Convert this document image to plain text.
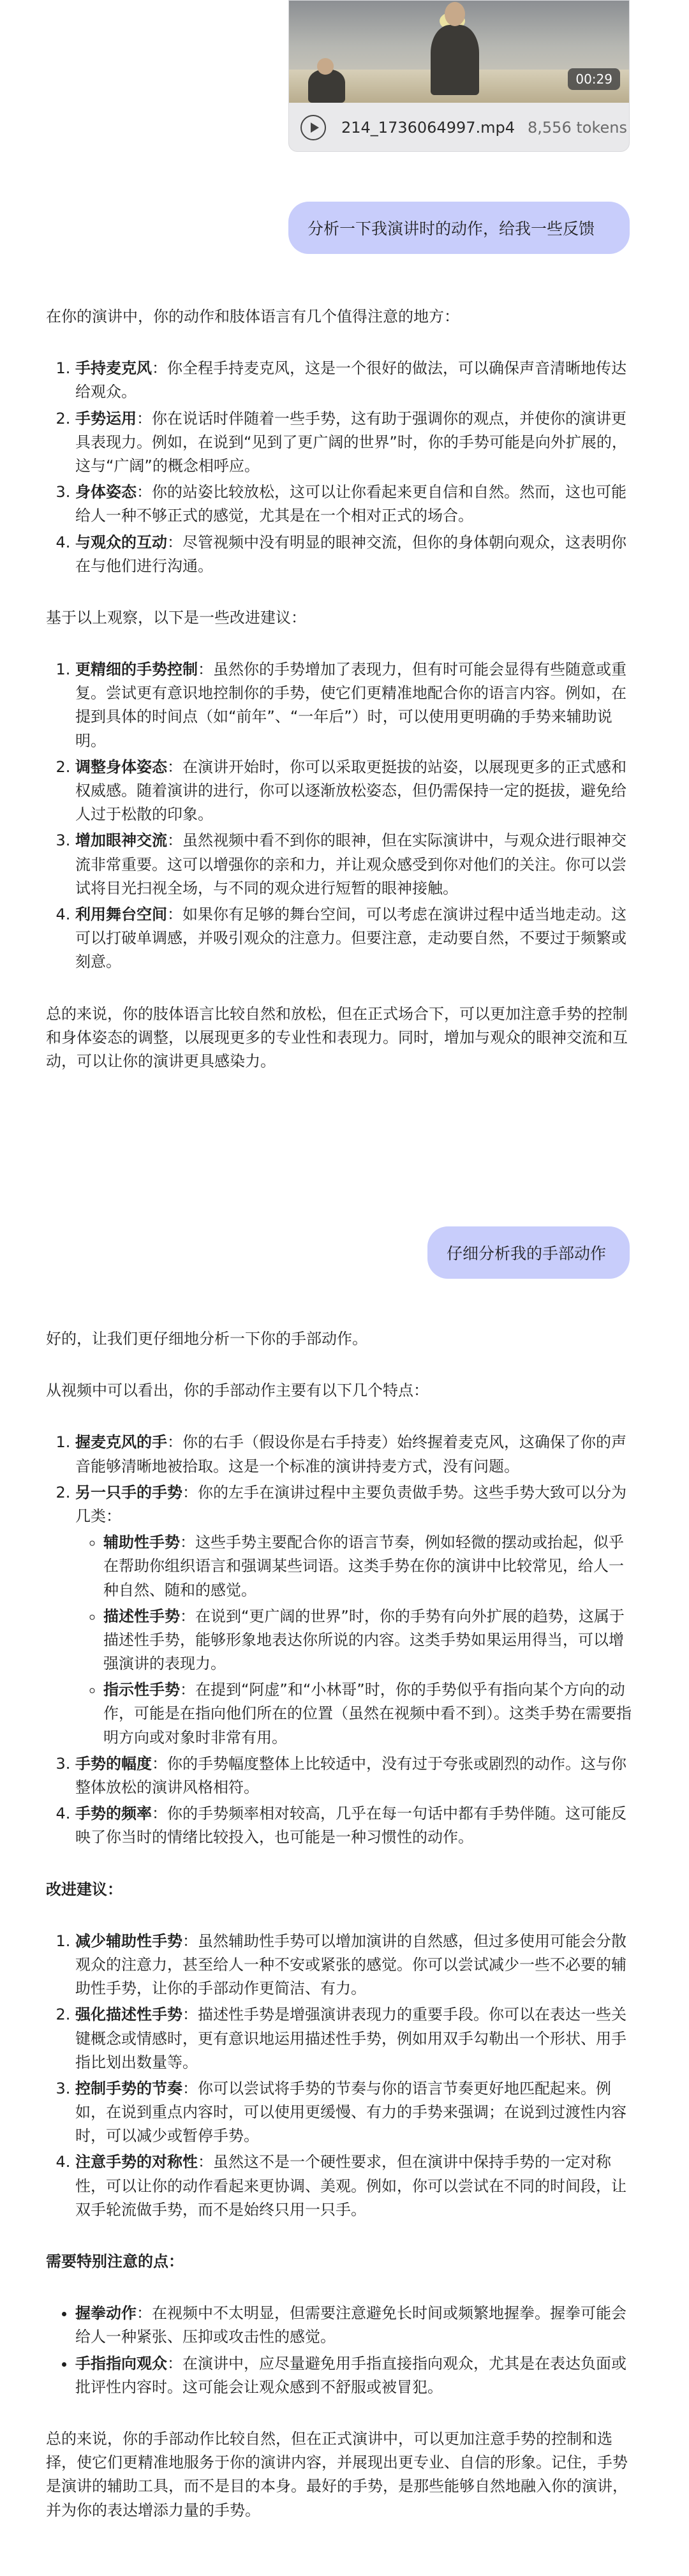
00:29
214_1736064997.mp4 8,556 tokens
分析一下我演讲时的动作，给我一些反馈

在你的演讲中，你的动作和肢体语言有几个值得注意的地方：

1. 手持麦克风：你全程手持麦克风，这是一个很好的做法，可以确保声音清晰地传达给观众。
2. 手势运用：你在说话时伴随着一些手势，这有助于强调你的观点，并使你的演讲更具表现力。例如，在说到“见到了更广阔的世界”时，你的手势可能是向外扩展的，这与“广阔”的概念相呼应。
3. 身体姿态：你的站姿比较放松，这可以让你看起来更自信和自然。然而，这也可能给人一种不够正式的感觉，尤其是在一个相对正式的场合。
4. 与观众的互动：尽管视频中没有明显的眼神交流，但你的身体朝向观众，这表明你在与他们进行沟通。

基于以上观察，以下是一些改进建议：

1. 更精细的手势控制：虽然你的手势增加了表现力，但有时可能会显得有些随意或重复。尝试更有意识地控制你的手势，使它们更精准地配合你的语言内容。例如，在提到具体的时间点（如“前年”、“一年后”）时，可以使用更明确的手势来辅助说明。
2. 调整身体姿态：在演讲开始时，你可以采取更挺拔的站姿，以展现更多的正式感和权威感。随着演讲的进行，你可以逐渐放松姿态，但仍需保持一定的挺拔，避免给人过于松散的印象。
3. 增加眼神交流：虽然视频中看不到你的眼神，但在实际演讲中，与观众进行眼神交流非常重要。这可以增强你的亲和力，并让观众感受到你对他们的关注。你可以尝试将目光扫视全场，与不同的观众进行短暂的眼神接触。
4. 利用舞台空间：如果你有足够的舞台空间，可以考虑在演讲过程中适当地走动。这可以打破单调感，并吸引观众的注意力。但要注意，走动要自然，不要过于频繁或刻意。

总的来说，你的肢体语言比较自然和放松，但在正式场合下，可以更加注意手势的控制和身体姿态的调整，以展现更多的专业性和表现力。同时，增加与观众的眼神交流和互动，可以让你的演讲更具感染力。

仔细分析我的手部动作

好的，让我们更仔细地分析一下你的手部动作。

从视频中可以看出，你的手部动作主要有以下几个特点：

1. 握麦克风的手：你的右手（假设你是右手持麦）始终握着麦克风，这确保了你的声音能够清晰地被拾取。这是一个标准的演讲持麦方式，没有问题。
2. 另一只手的手势：你的左手在演讲过程中主要负责做手势。这些手势大致可以分为几类：
◦ 辅助性手势：这些手势主要配合你的语言节奏，例如轻微的摆动或抬起，似乎在帮助你组织语言和强调某些词语。这类手势在你的演讲中比较常见，给人一种自然、随和的感觉。
◦ 描述性手势：在说到“更广阔的世界”时，你的手势有向外扩展的趋势，这属于描述性手势，能够形象地表达你所说的内容。这类手势如果运用得当，可以增强演讲的表现力。
◦ 指示性手势：在提到“阿虚”和“小林哥”时，你的手势似乎有指向某个方向的动作，可能是在指向他们所在的位置（虽然在视频中看不到）。这类手势在需要指明方向或对象时非常有用。
3. 手势的幅度：你的手势幅度整体上比较适中，没有过于夸张或剧烈的动作。这与你整体放松的演讲风格相符。
4. 手势的频率：你的手势频率相对较高，几乎在每一句话中都有手势伴随。这可能反映了你当时的情绪比较投入，也可能是一种习惯性的动作。

改进建议：

1. 减少辅助性手势：虽然辅助性手势可以增加演讲的自然感，但过多使用可能会分散观众的注意力，甚至给人一种不安或紧张的感觉。你可以尝试减少一些不必要的辅助性手势，让你的手部动作更简洁、有力。
2. 强化描述性手势：描述性手势是增强演讲表现力的重要手段。你可以在表达一些关键概念或情感时，更有意识地运用描述性手势，例如用双手勾勒出一个形状、用手指比划出数量等。
3. 控制手势的节奏：你可以尝试将手势的节奏与你的语言节奏更好地匹配起来。例如，在说到重点内容时，可以使用更缓慢、有力的手势来强调；在说到过渡性内容时，可以减少或暂停手势。
4. 注意手势的对称性：虽然这不是一个硬性要求，但在演讲中保持手势的一定对称性，可以让你的动作看起来更协调、美观。例如，你可以尝试在不同的时间段，让双手轮流做手势，而不是始终只用一只手。

需要特别注意的点：

• 握拳动作：在视频中不太明显，但需要注意避免长时间或频繁地握拳。握拳可能会给人一种紧张、压抑或攻击性的感觉。
• 手指指向观众：在演讲中，应尽量避免用手指直接指向观众，尤其是在表达负面或批评性内容时。这可能会让观众感到不舒服或被冒犯。

总的来说，你的手部动作比较自然，但在正式演讲中，可以更加注意手势的控制和选择，使它们更精准地服务于你的演讲内容，并展现出更专业、自信的形象。记住，手势是演讲的辅助工具，而不是目的本身。最好的手势，是那些能够自然地融入你的演讲，并为你的表达增添力量的手势。
